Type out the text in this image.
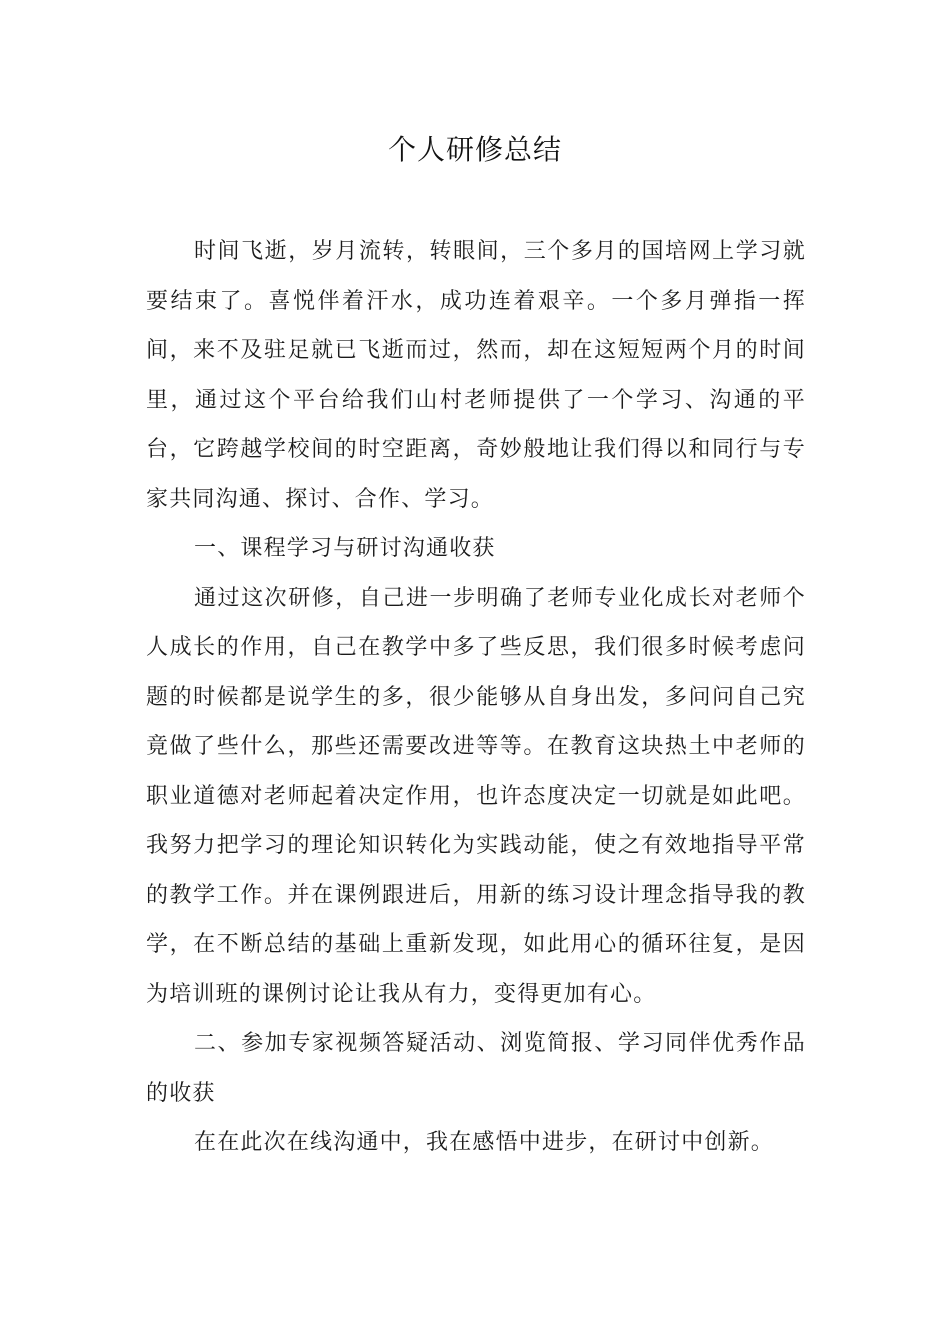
个人研修总结

时间飞逝，岁月流转，转眼间，三个多月的国培网上学习就要结束了。喜悦伴着汗水，成功连着艰辛。一个多月弹指一挥间，来不及驻足就已飞逝而过，然而，却在这短短两个月的时间里，通过这个平台给我们山村老师提供了一个学习、沟通的平台，它跨越学校间的时空距离，奇妙般地让我们得以和同行与专家共同沟通、探讨、合作、学习。

一、课程学习与研讨沟通收获

通过这次研修，自己进一步明确了老师专业化成长对老师个人成长的作用，自己在教学中多了些反思，我们很多时候考虑问题的时候都是说学生的多，很少能够从自身出发，多问问自己究竟做了些什么，那些还需要改进等等。在教育这块热土中老师的职业道德对老师起着决定作用，也许态度决定一切就是如此吧。我努力把学习的理论知识转化为实践动能，使之有效地指导平常的教学工作。并在课例跟进后，用新的练习设计理念指导我的教学，在不断总结的基础上重新发现，如此用心的循环往复，是因为培训班的课例讨论让我从有力，变得更加有心。

二、参加专家视频答疑活动、浏览简报、学习同伴优秀作品的收获

在在此次在线沟通中，我在感悟中进步，在研讨中创新。
